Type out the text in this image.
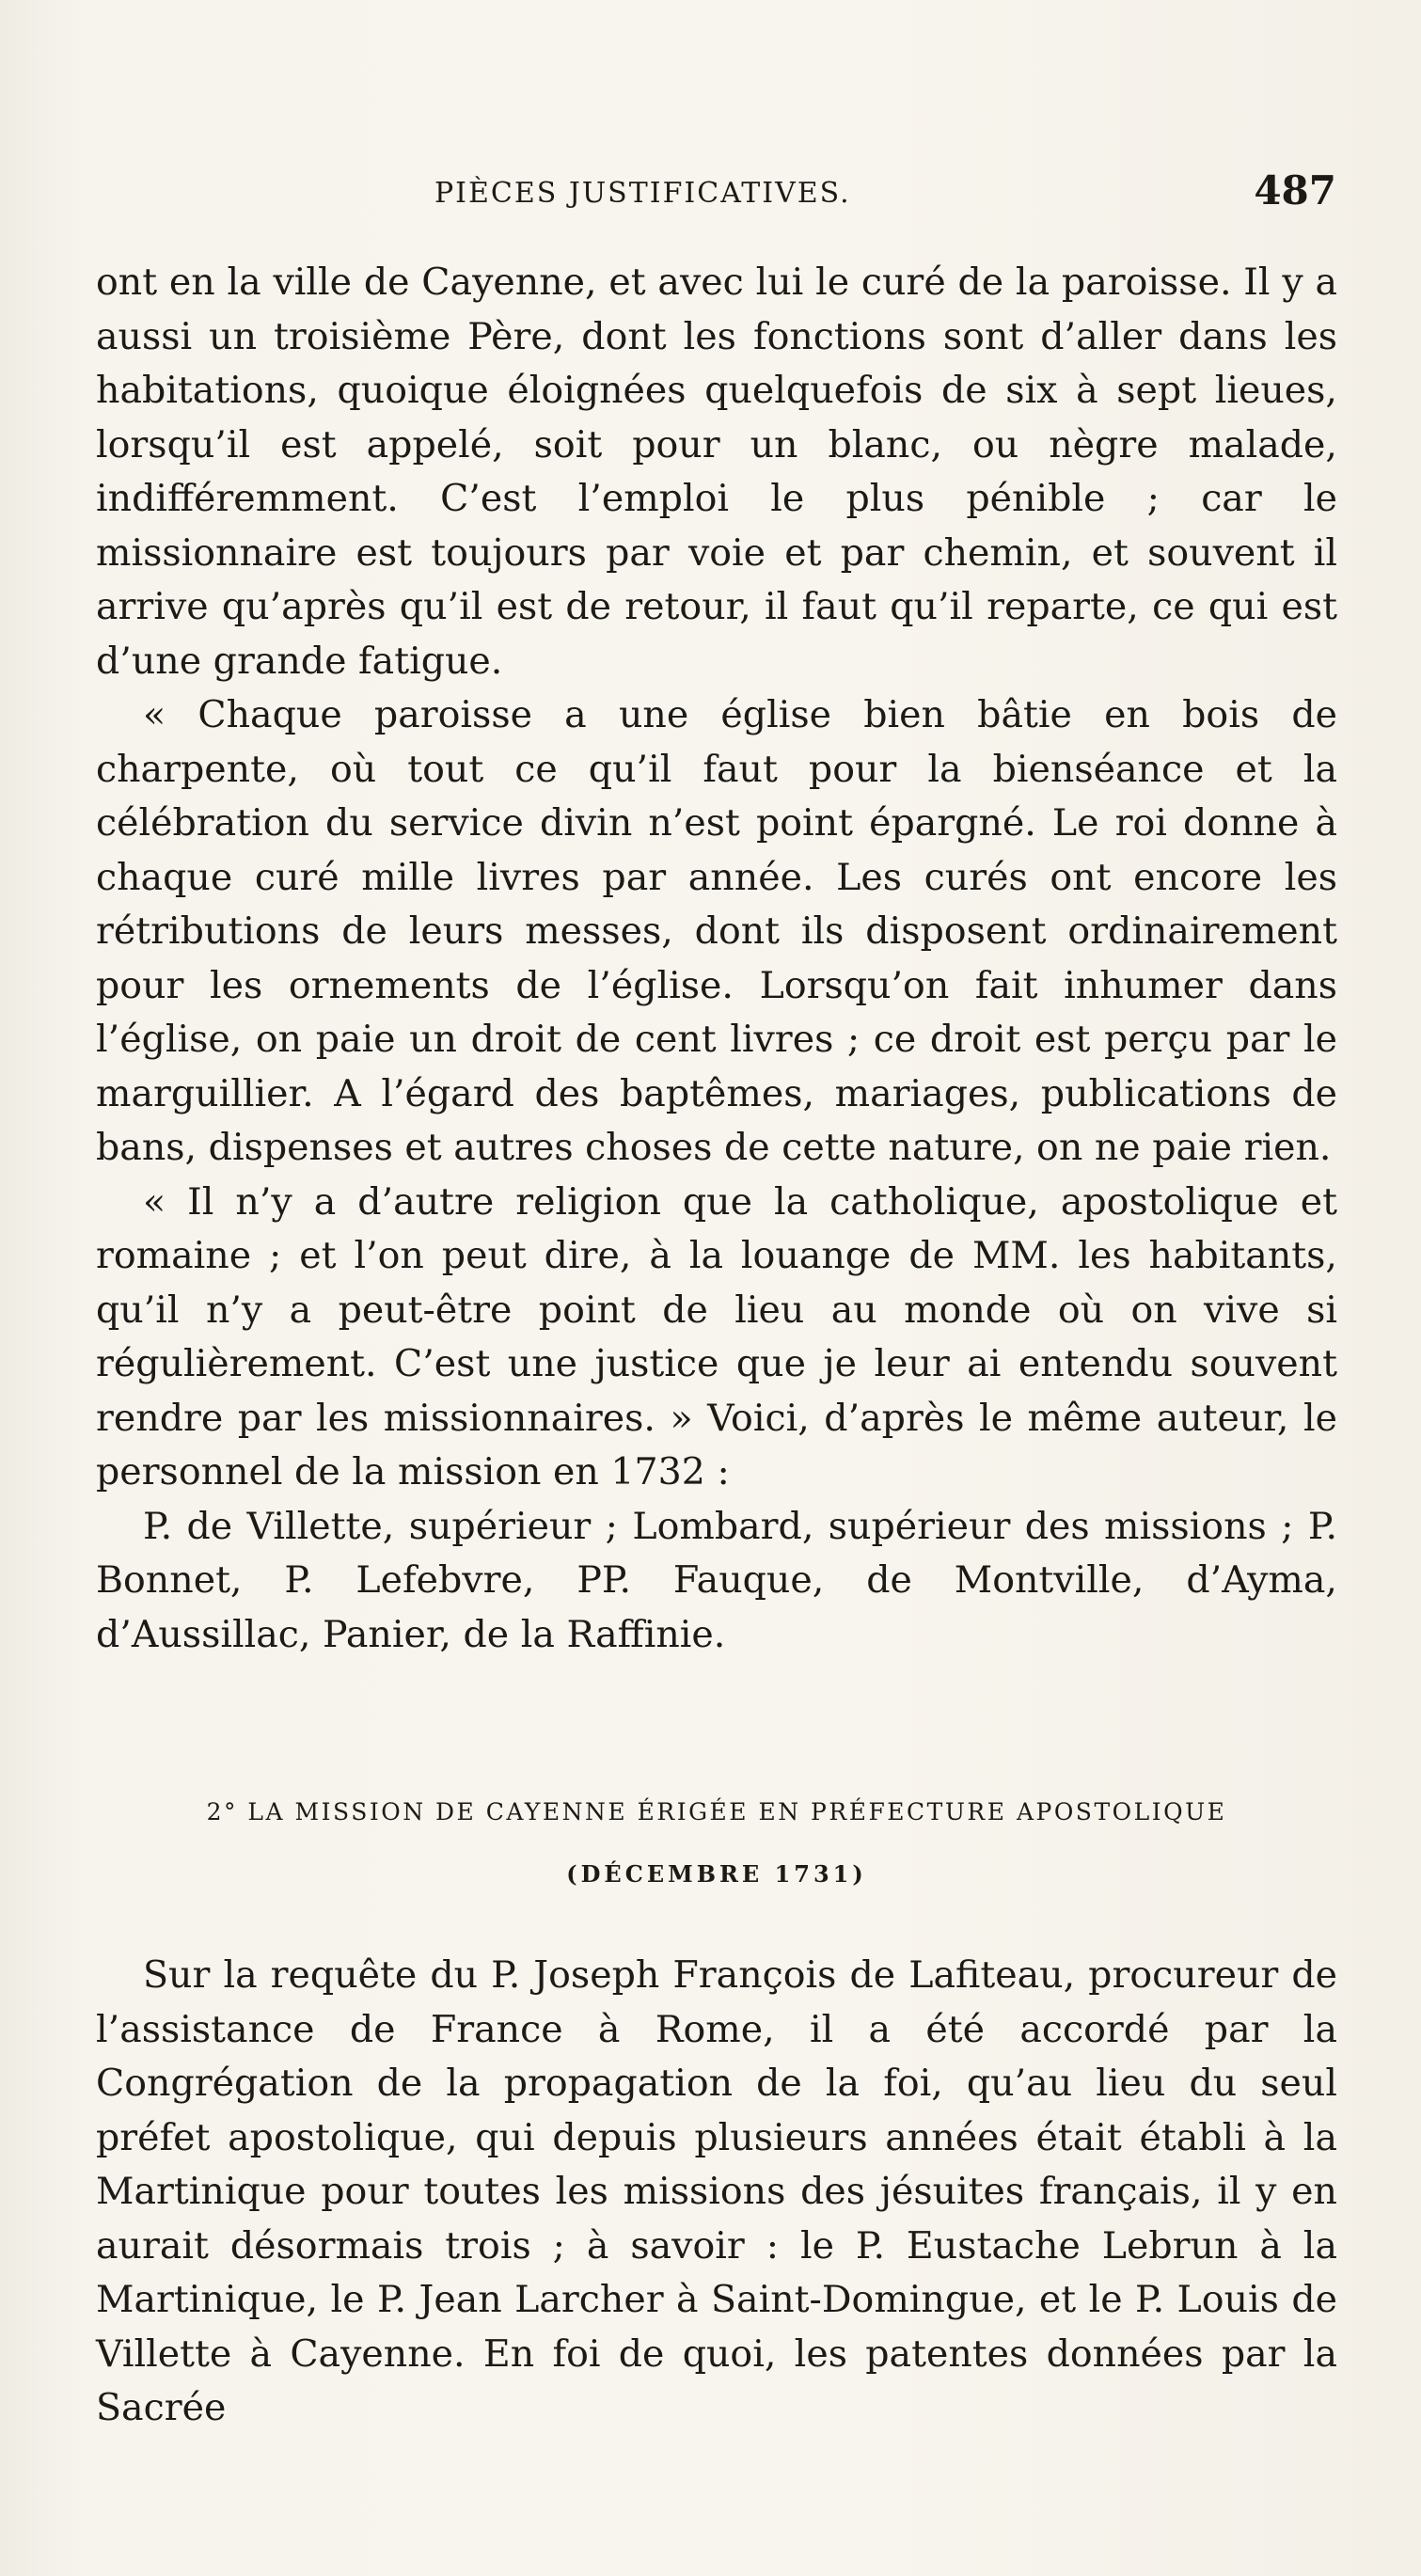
PIÈCES JUSTIFICATIVES.	487

ont en la ville de Cayenne, et avec lui le curé de la paroisse. Il y a aussi un troisième Père, dont les fonctions sont d’aller dans les habitations, quoique éloignées quelquefois de six à sept lieues, lorsqu’il est appelé, soit pour un blanc, ou nègre malade, indifféremment. C’est l’emploi le plus pénible ; car le missionnaire est toujours par voie et par chemin, et souvent il arrive qu’après qu’il est de retour, il faut qu’il reparte, ce qui est d’une grande fatigue.

« Chaque paroisse a une église bien bâtie en bois de charpente, où tout ce qu’il faut pour la bienséance et la célébration du service divin n’est point épargné. Le roi donne à chaque curé mille livres par année. Les curés ont encore les rétributions de leurs messes, dont ils disposent ordinairement pour les ornements de l’église. Lorsqu’on fait inhumer dans l’église, on paie un droit de cent livres ; ce droit est perçu par le marguillier. A l’égard des baptêmes, mariages, publications de bans, dispenses et autres choses de cette nature, on ne paie rien.

« Il n’y a d’autre religion que la catholique, apostolique et romaine ; et l’on peut dire, à la louange de MM. les habitants, qu’il n’y a peut-être point de lieu au monde où on vive si régulièrement. C’est une justice que je leur ai entendu souvent rendre par les missionnaires. » Voici, d’après le même auteur, le personnel de la mission en 1732 :

P. de Villette, supérieur ; Lombard, supérieur des missions ; P. Bonnet, P. Lefebvre, PP. Fauque, de Montville, d’Ayma, d’Aussillac, Panier, de la Raffinie.

2° LA MISSION DE CAYENNE ÉRIGÉE EN PRÉFECTURE APOSTOLIQUE
(DÉCEMBRE 1731)

Sur la requête du P. Joseph François de Lafiteau, procureur de l’assistance de France à Rome, il a été accordé par la Congrégation de la propagation de la foi, qu’au lieu du seul préfet apostolique, qui depuis plusieurs années était établi à la Martinique pour toutes les missions des jésuites français, il y en aurait désormais trois ; à savoir : le P. Eustache Lebrun à la Martinique, le P. Jean Larcher à Saint-Domingue, et le P. Louis de Villette à Cayenne. En foi de quoi, les patentes données par la Sacrée
